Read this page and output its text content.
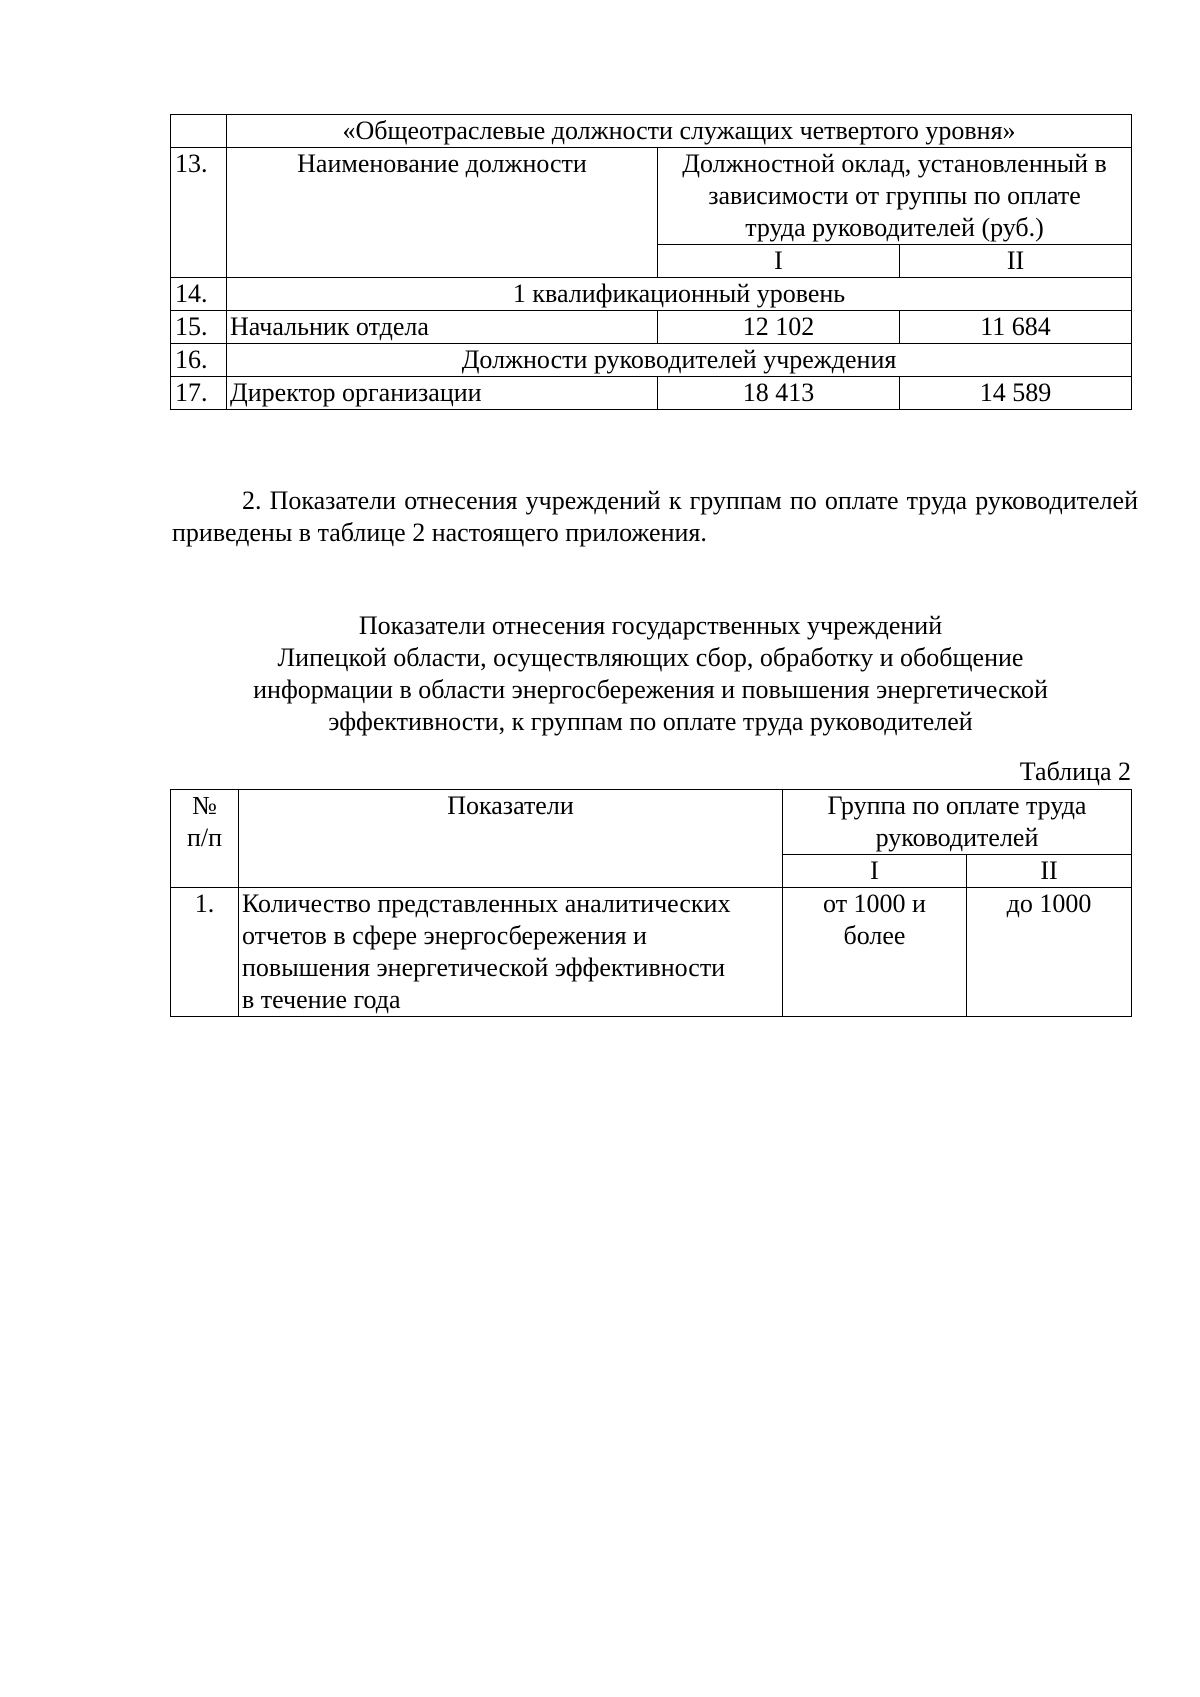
	«Общеотраслевые должности служащих четвертого уровня»		
13.	Наименование должности	Должностной оклад, установленный в
зависимости от группы по оплате
труда руководителей (руб.)	
		I	II
14.	1 квалификационный уровень		
15.	Начальник отдела	12 102	11 684
16.	Должности руководителей учреждения		
17.	Директор организации	18 413	14 589

2. Показатели отнесения учреждений к группам по оплате труда руководителей приведены в таблице 2 настоящего приложения.

Показатели отнесения государственных учреждений
Липецкой области, осуществляющих сбор, обработку и обобщение
информации в области энергосбережения и повышения энергетической
эффективности, к группам по оплате труда руководителей

Таблица 2

№
п/п	Показатели	Группа по оплате труда
руководителей	
		I	II
1.	Количество представленных аналитических
отчетов в сфере энергосбережения и
повышения энергетической эффективности
в течение года	от 1000 и
более	до 1000
